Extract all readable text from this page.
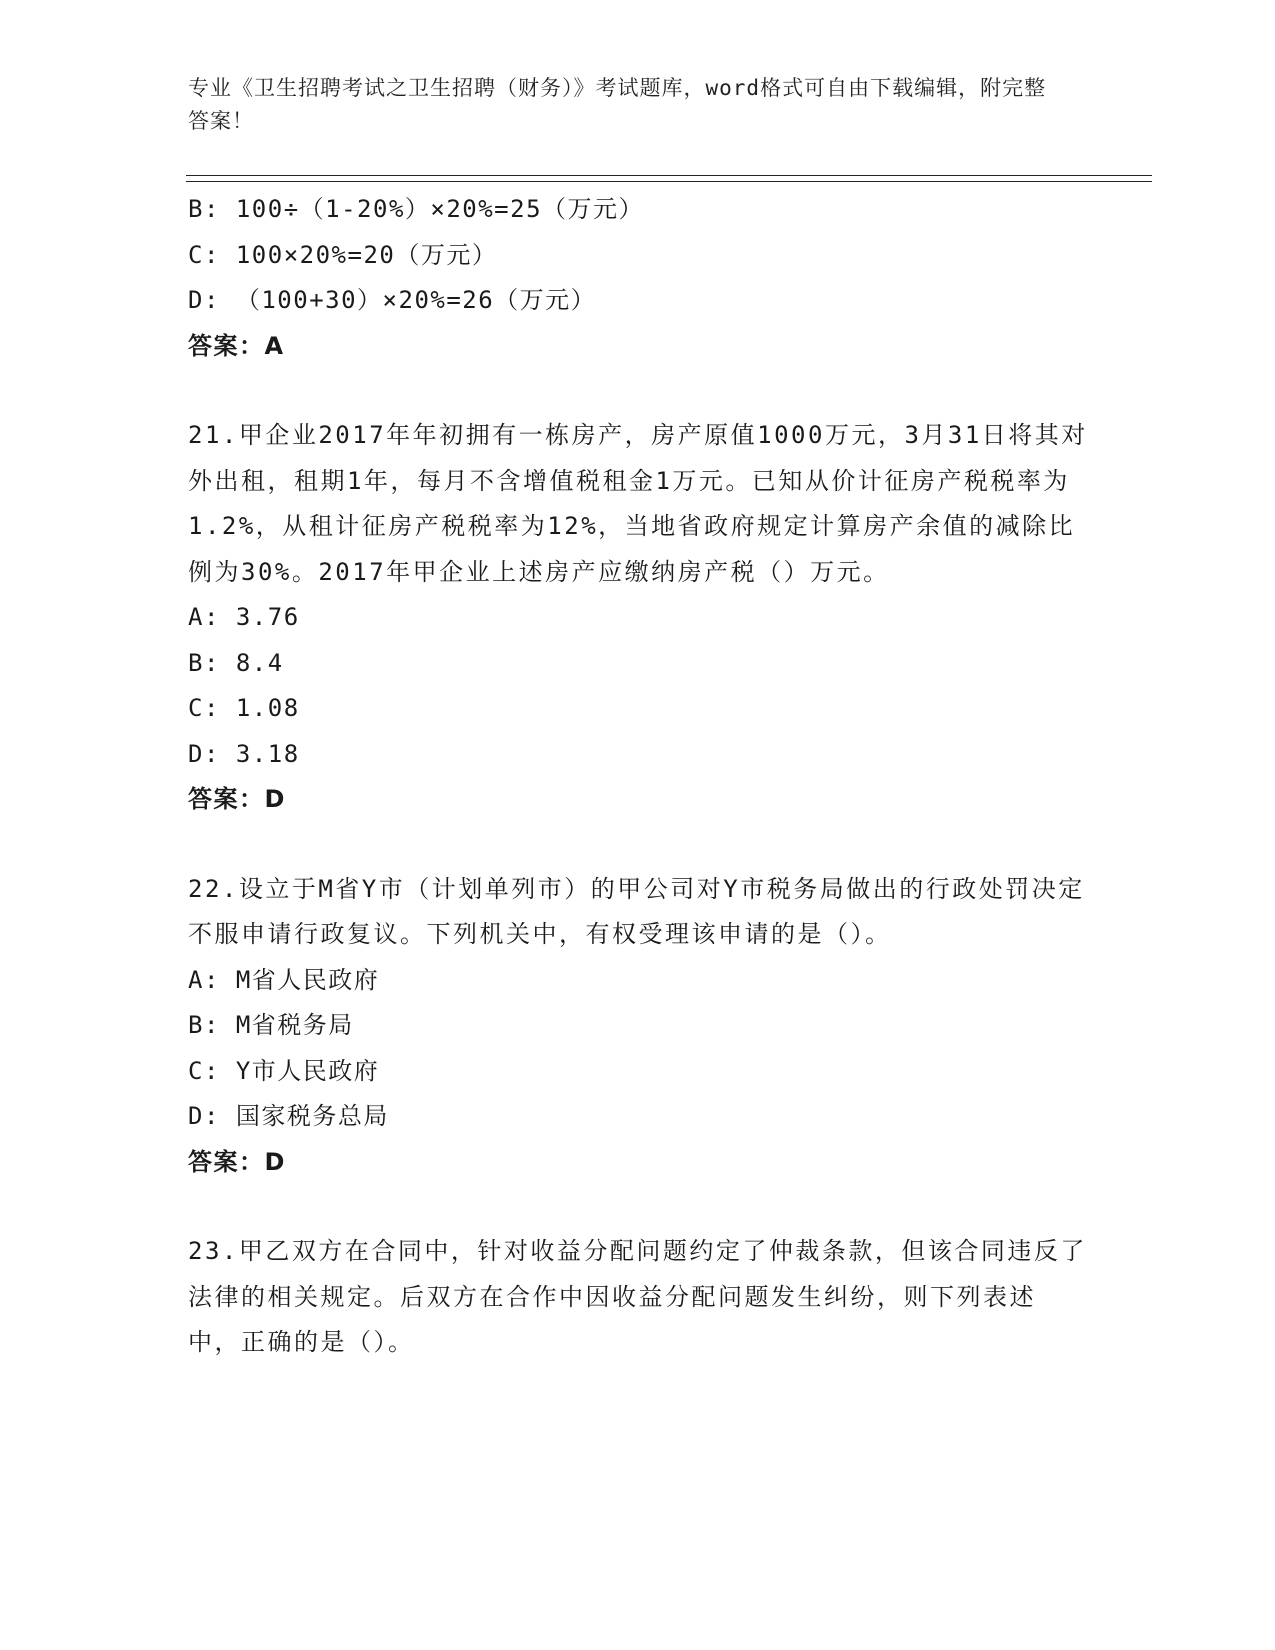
专业《卫生招聘考试之卫生招聘（财务）》考试题库，word格式可自由下载编辑，附完整答案！
B: 100÷（1-20%）×20%=25（万元）
C: 100×20%=20（万元）
D: （100+30）×20%=26（万元）
答案：A
21.甲企业2017年年初拥有一栋房产，房产原值1000万元，3月31日将其对外出租，租期1年，每月不含增值税租金1万元。已知从价计征房产税税率为1.2%，从租计征房产税税率为12%，当地省政府规定计算房产余值的减除比例为30%。2017年甲企业上述房产应缴纳房产税（）万元。
A: 3.76
B: 8.4
C: 1.08
D: 3.18
答案：D
22.设立于M省Y市（计划单列市）的甲公司对Y市税务局做出的行政处罚决定不服申请行政复议。下列机关中，有权受理该申请的是（）。
A: M省人民政府
B: M省税务局
C: Y市人民政府
D: 国家税务总局
答案：D
23.甲乙双方在合同中，针对收益分配问题约定了仲裁条款，但该合同违反了法律的相关规定。后双方在合作中因收益分配问题发生纠纷，则下列表述中，正确的是（）。
